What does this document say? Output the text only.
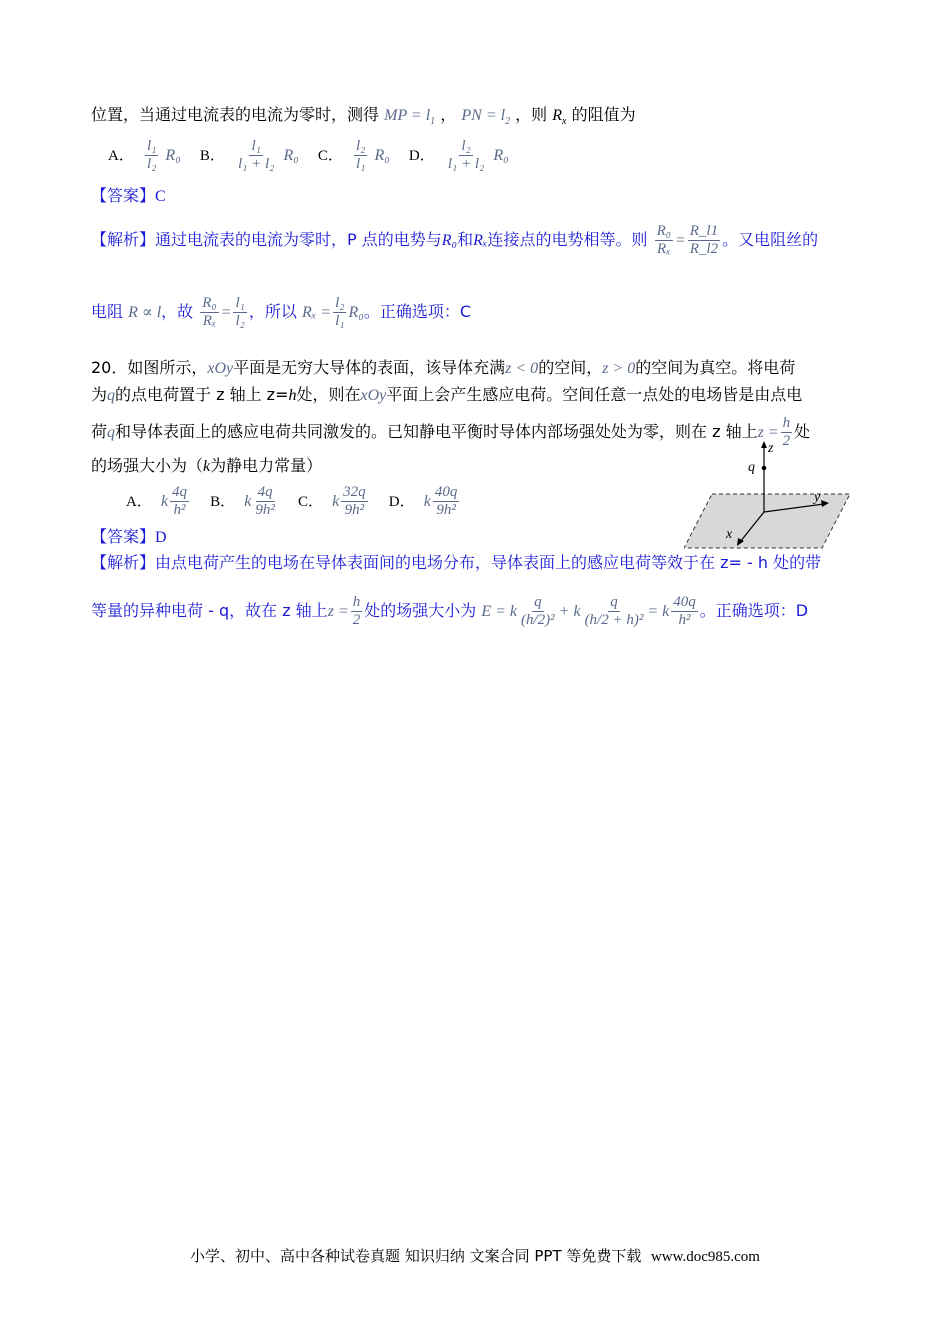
位置，当通过电流表的电流为零时，测得 MP = $l_1$ ， PN = $l_2$ ，则 $R_x$ 的阻值为
A． $\frac{\text{l₁}}{\text{l₂}} R_0$ B． $\frac{\text{l₁}}{\text{l₁ + l₂}} R_0$ C． $\frac{\text{l₂}}{\text{l₁}} R_0$ D． $\frac{\text{l₂}}{\text{l₁ + l₂}} R_0$
【答案】C
【解析】通过电流表的电流为零时，P 点的电势与R₀和Rₓ连接点的电势相等。则 $\frac{\text{R₀}}{\text{Rₓ}} = \frac{R\_l1}{R\_l2}$ 。又电阻丝的
电阻 R ∝ l，故 $\frac{\text{R₀}}{\text{Rₓ}} = \frac{\text{l₁}}{\text{l₂}}$ ，所以 $R_x = \frac{\text{l₂}}{\text{l₁}} R_0$。正确选项：C
20．如图所示，xOy平面是无穷大导体的表面，该导体充满z < 0的空间，z > 0的空间为真空。将电荷
为q的点电荷置于 z 轴上 z=h处，则在xOy平面上会产生感应电荷。空间任意一点处的电场皆是由点电
荷q和导体表面上的感应电荷共同激发的。已知静电平衡时导体内部场强处处为零，则在 z 轴上$z = \frac{h}{2}$ 处
的场强大小为（k为静电力常量）
A． k $\frac{4q}{\text{h²}}$ B． k $\frac{4q}{\text{9h²}}$ C． k $\frac{32q}{\text{9h²}}$ D． k $\frac{40q}{\text{9h²}}$
z
q
y
x
【答案】D
【解析】由点电荷产生的电场在导体表面间的电场分布，导体表面上的感应电荷等效于在 z= - h 处的带
等量的异种电荷 - q，故在 z 轴上$z = \frac{h}{2}$ 处的场强大小为 E = k $\frac{q}{\text{(h/2)²}} + k \frac{q}{\text{(h/2 + h)²}} = k \frac{40q}{\text{h²}}$ 。正确选项：D
小学、初中、高中各种试卷真题 知识归纳 文案合同 PPT 等免费下载 www.doc985.com
